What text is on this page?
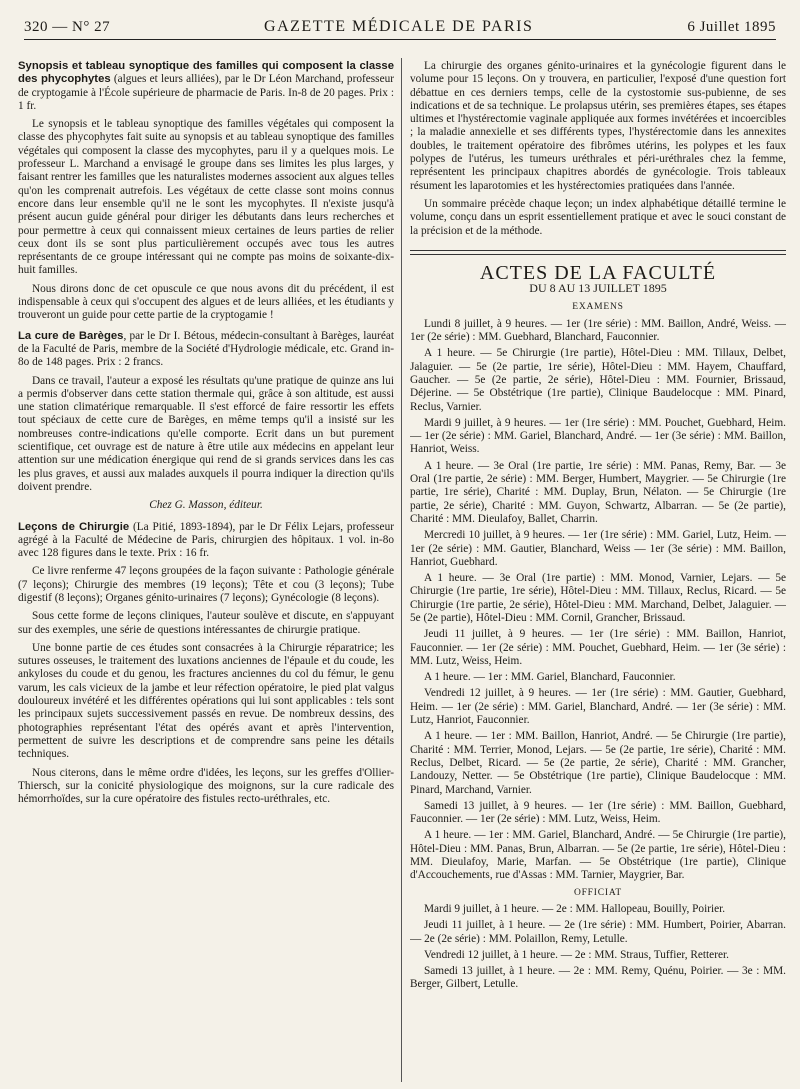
320 — N° 27	GAZETTE MÉDICALE DE PARIS	6 Juillet 1895

Synopsis et tableau synoptique des familles qui composent la classe des phycophytes (algues et leurs alliées), par le Dr Léon Marchand, professeur de cryptogamie à l'École supérieure de pharmacie de Paris. In-8 de 20 pages. Prix : 1 fr.

Le synopsis et le tableau synoptique des familles végétales qui composent la classe des phycophytes fait suite au synopsis et au tableau synoptique des familles végétales qui composent la classe des mycophytes, paru il y a quelques mois. Le professeur L. Marchand a envisagé le groupe dans ses limites les plus larges, y faisant rentrer les familles que les naturalistes modernes associent aux algues telles qu'on les comprenait autrefois. Les végétaux de cette classe sont moins connus encore dans leur ensemble qu'il ne le sont les mycophytes. Il n'existe jusqu'à présent aucun guide général pour diriger les débutants dans leurs recherches et pour permettre à ceux qui connaissent mieux certaines de leurs parties de relier ceux dont ils se sont plus particulièrement occupés avec tous les autres représentants de ce groupe intéressant qui ne compte pas moins de soixante-dix-huit familles.

Nous dirons donc de cet opuscule ce que nous avons dit du précédent, il est indispensable à ceux qui s'occupent des algues et de leurs alliées, et les étudiants y trouveront un guide pour cette partie de la cryptogamie !

La cure de Barèges, par le Dr I. Bétous, médecin-consultant à Barèges, lauréat de la Faculté de Paris, membre de la Société d'Hydrologie médicale, etc. Grand in-8o de 148 pages. Prix : 2 francs.

Dans ce travail, l'auteur a exposé les résultats qu'une pratique de quinze ans lui a permis d'observer dans cette station thermale qui, grâce à son altitude, est aussi une station climatérique remarquable. Il s'est efforcé de faire ressortir les effets tout spéciaux de cette cure de Barèges, en même temps qu'il a insisté sur les nombreuses contre-indications qu'elle comporte. Ecrit dans un but purement scientifique, cet ouvrage est de nature à être utile aux médecins en appelant leur attention sur une médication énergique qui rend de si grands services dans les cas les plus graves, et aussi aux malades auxquels il pourra indiquer la direction qu'ils doivent prendre.

Chez G. Masson, éditeur.

Leçons de Chirurgie (La Pitié, 1893-1894), par le Dr Félix Lejars, professeur agrégé à la Faculté de Médecine de Paris, chirurgien des hôpitaux. 1 vol. in-8o avec 128 figures dans le texte. Prix : 16 fr.

Ce livre renferme 47 leçons groupées de la façon suivante : Pathologie générale (7 leçons); Chirurgie des membres (19 leçons); Tête et cou (3 leçons); Tube digestif (8 leçons); Organes génito-urinaires (7 leçons); Gynécologie (8 leçons).

Sous cette forme de leçons cliniques, l'auteur soulève et discute, en s'appuyant sur des exemples, une série de questions intéressantes de chirurgie pratique.

Une bonne partie de ces études sont consacrées à la Chirurgie réparatrice; les sutures osseuses, le traitement des luxations anciennes de l'épaule et du coude, les ankyloses du coude et du genou, les fractures anciennes du col du fémur, le genu varum, les cals vicieux de la jambe et leur réfection opératoire, le pied plat valgus douloureux invétéré et les différentes opérations qui lui sont applicables : tels sont les principaux sujets successivement passés en revue. De nombreux dessins, des photographies représentant l'état des opérés avant et après l'intervention, permettent de suivre les descriptions et de comprendre sans peine les détails techniques.

Nous citerons, dans le même ordre d'idées, les leçons, sur les greffes d'Ollier-Thiersch, sur la conicité physiologique des moignons, sur la cure radicale des hémorrhoïdes, sur la cure opératoire des fistules recto-uréthrales, etc.

La chirurgie des organes génito-urinaires et la gynécologie figurent dans le volume pour 15 leçons. On y trouvera, en particulier, l'exposé d'une question fort débattue en ces derniers temps, celle de la cystostomie sus-pubienne, de ses indications et de sa technique. Le prolapsus utérin, ses premières étapes, ses étapes ultimes et l'hystérectomie vaginale appliquée aux formes invétérées et incoercibles ; la maladie annexielle et ses différents types, l'hystérectomie dans les annexites doubles, le traitement opératoire des fibrômes utérins, les polypes et les faux polypes de l'utérus, les tumeurs uréthrales et péri-uréthrales chez la femme, représentent les principaux chapitres abordés de gynécologie. Trois tableaux résument les laparotomies et les hystérectomies pratiquées dans l'année.

Un sommaire précède chaque leçon; un index alphabétique détaillé termine le volume, conçu dans un esprit essentiellement pratique et avec le souci constant de la précision et de la méthode.

ACTES DE LA FACULTÉ
DU 8 AU 13 JUILLET 1895
EXAMENS

Lundi 8 juillet, à 9 heures. — 1er (1re série) : MM. Baillon, André, Weiss. — 1er (2e série) : MM. Guebhard, Blanchard, Fauconnier.

A 1 heure. — 5e Chirurgie (1re partie), Hôtel-Dieu : MM. Tillaux, Delbet, Jalaguier. — 5e (2e partie, 1re série), Hôtel-Dieu : MM. Hayem, Chauffard, Gaucher. — 5e (2e partie, 2e série), Hôtel-Dieu : MM. Fournier, Brissaud, Déjerine. — 5e Obstétrique (1re partie), Clinique Baudelocque : MM. Pinard, Reclus, Varnier.

Mardi 9 juillet, à 9 heures. — 1er (1re série) : MM. Pouchet, Guebhard, Heim. — 1er (2e série) : MM. Gariel, Blanchard, André. — 1er (3e série) : MM. Baillon, Hanriot, Weiss.

A 1 heure. — 3e Oral (1re partie, 1re série) : MM. Panas, Remy, Bar. — 3e Oral (1re partie, 2e série) : MM. Berger, Humbert, Maygrier. — 5e Chirurgie (1re partie, 1re série), Charité : MM. Duplay, Brun, Nélaton. — 5e Chirurgie (1re partie, 2e série), Charité : MM. Guyon, Schwartz, Albarran. — 5e (2e partie), Charité : MM. Dieulafoy, Ballet, Charrin.

Mercredi 10 juillet, à 9 heures. — 1er (1re série) : MM. Gariel, Lutz, Heim. — 1er (2e série) : MM. Gautier, Blanchard, Weiss — 1er (3e série) : MM. Baillon, Hanriot, Guebhard.

A 1 heure. — 3e Oral (1re partie) : MM. Monod, Varnier, Lejars. — 5e Chirurgie (1re partie, 1re série), Hôtel-Dieu : MM. Tillaux, Reclus, Ricard. — 5e Chirurgie (1re partie, 2e série), Hôtel-Dieu : MM. Marchand, Delbet, Jalaguier. — 5e (2e partie), Hôtel-Dieu : MM. Cornil, Grancher, Brissaud.

Jeudi 11 juillet, à 9 heures. — 1er (1re série) : MM. Baillon, Hanriot, Fauconnier. — 1er (2e série) : MM. Pouchet, Guebhard, Heim. — 1er (3e série) : MM. Lutz, Weiss, Heim.

A 1 heure. — 1er : MM. Gariel, Blanchard, Fauconnier.

Vendredi 12 juillet, à 9 heures. — 1er (1re série) : MM. Gautier, Guebhard, Heim. — 1er (2e série) : MM. Gariel, Blanchard, André. — 1er (3e série) : MM. Lutz, Hanriot, Fauconnier.

A 1 heure. — 1er : MM. Baillon, Hanriot, André. — 5e Chirurgie (1re partie), Charité : MM. Terrier, Monod, Lejars. — 5e (2e partie, 1re série), Charité : MM. Reclus, Delbet, Ricard. — 5e (2e partie, 2e série), Charité : MM. Grancher, Landouzy, Netter. — 5e Obstétrique (1re partie), Clinique Baudelocque : MM. Pinard, Marchand, Varnier.

Samedi 13 juillet, à 9 heures. — 1er (1re série) : MM. Baillon, Guebhard, Fauconnier. — 1er (2e série) : MM. Lutz, Weiss, Heim.

A 1 heure. — 1er : MM. Gariel, Blanchard, André. — 5e Chirurgie (1re partie), Hôtel-Dieu : MM. Panas, Brun, Albarran. — 5e (2e partie, 1re série), Hôtel-Dieu : MM. Dieulafoy, Marie, Marfan. — 5e Obstétrique (1re partie), Clinique d'Accouchements, rue d'Assas : MM. Tarnier, Maygrier, Bar.

OFFICIAT

Mardi 9 juillet, à 1 heure. — 2e : MM. Hallopeau, Bouilly, Poirier.

Jeudi 11 juillet, à 1 heure. — 2e (1re série) : MM. Humbert, Poirier, Abarran. — 2e (2e série) : MM. Polaillon, Remy, Letulle.

Vendredi 12 juillet, à 1 heure. — 2e : MM. Straus, Tuffier, Retterer.

Samedi 13 juillet, à 1 heure. — 2e : MM. Remy, Quénu, Poirier. — 3e : MM. Berger, Gilbert, Letulle.
